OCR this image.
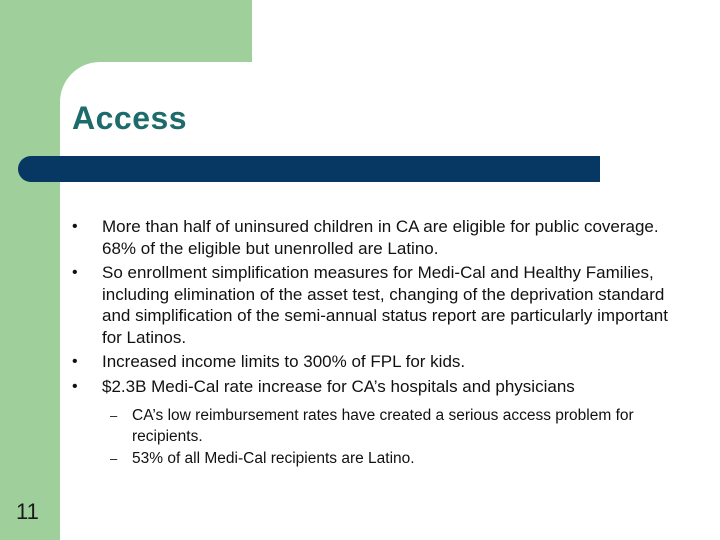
Access
• More than half of uninsured children in CA are eligible for public coverage. 68% of the eligible but unenrolled are Latino.
• So enrollment simplification measures for Medi-Cal and Healthy Families, including elimination of the asset test, changing of the deprivation standard and simplification of the semi-annual status report are particularly important for Latinos.
• Increased income limits to 300% of FPL for kids.
• $2.3B Medi-Cal rate increase for CA’s hospitals and physicians
– CA’s low reimbursement rates have created a serious access problem for recipients.
– 53% of all Medi-Cal recipients are Latino.
11
